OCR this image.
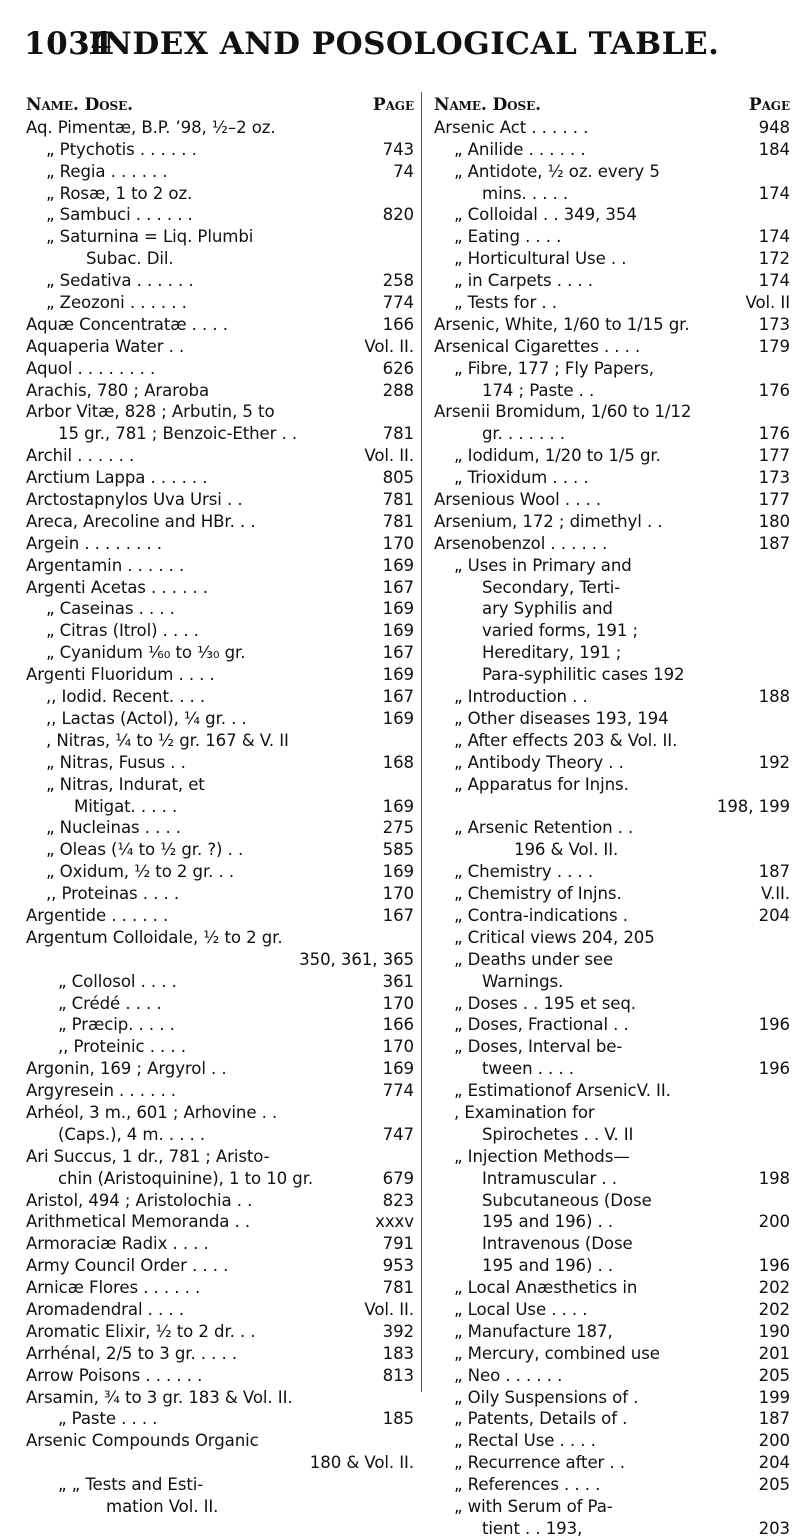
1034
INDEX AND POSOLOGICAL TABLE.
Name. Dose.	Page
Aq. Pimentæ, B.P. ’98, ½–2 oz.
„ Ptychotis . . . . . .	743
„ Regia . . . . . .	74
„ Rosæ, 1 to 2 oz.
„ Sambuci . . . . . .	820
„ Saturnina = Liq. Plumbi
Subac. Dil.
„ Sedativa . . . . . .	258
„ Zeozoni . . . . . .	774
Aquæ Concentratæ . . . .	166
Aquaperia Water . .	Vol. II.
Aquol . . . . . . . .	626
Arachis, 780 ; Araroba	288
Arbor Vitæ, 828 ; Arbutin, 5 to
15 gr., 781 ; Benzoic-Ether . .	781
Archil . . . . . .	Vol. II.
Arctium Lappa . . . . . .	805
Arctostapnylos Uva Ursi . .	781
Areca, Arecoline and HBr. . .	781
Argein . . . . . . . .	170
Argentamin . . . . . .	169
Argenti Acetas . . . . . .	167
„ Caseinas . . . .	169
„ Citras (Itrol) . . . .	169
„ Cyanidum ¹⁄₆₀ to ¹⁄₃₀ gr.	167
Argenti Fluoridum . . . .	169
,, Iodid. Recent. . . .	167
,, Lactas (Actol), ¼ gr. . .	169
, Nitras, ¼ to ½ gr. 167 & V. II
„ Nitras, Fusus . .	168
„ Nitras, Indurat, et
Mitigat. . . . .	169
„ Nucleinas . . . .	275
„ Oleas (¼ to ½ gr. ?) . .	585
„ Oxidum, ½ to 2 gr. . .	169
,, Proteinas . . . .	170
Argentide . . . . . .	167
Argentum Colloidale, ½ to 2 gr.
350, 361, 365
„ Collosol . . . .	361
„ Crédé . . . .	170
„ Præcip. . . . .	166
,, Proteinic . . . .	170
Argonin, 169 ; Argyrol . .	169
Argyresein . . . . . .	774
Arhéol, 3 m., 601 ; Arhovine . .
(Caps.), 4 m. . . . .	747
Ari Succus, 1 dr., 781 ; Aristo-
chin (Aristoquinine), 1 to 10 gr.	679
Aristol, 494 ; Aristolochia . .	823
Arithmetical Memoranda . .	xxxv
Armoraciæ Radix . . . .	791
Army Council Order . . . .	953
Arnicæ Flores . . . . . .	781
Aromadendral . . . .	Vol. II.
Aromatic Elixir, ½ to 2 dr. . .	392
Arrhénal, 2/5 to 3 gr. . . . .	183
Arrow Poisons . . . . . .	813
Arsamin, ¾ to 3 gr. 183 & Vol. II.
„ Paste . . . .	185
Arsenic Compounds Organic
180 & Vol. II.
„ „ Tests and Esti-
mation Vol. II.
Name. Dose.	Page
Arsenic Act . . . . . .	948
„ Anilide . . . . . .	184
„ Antidote, ½ oz. every 5
mins. . . . .	174
„ Colloidal . . 349, 354
„ Eating . . . .	174
„ Horticultural Use . .	172
„ in Carpets . . . .	174
„ Tests for . .	Vol. II
Arsenic, White, 1/60 to 1/15 gr.	173
Arsenical Cigarettes . . . .	179
„ Fibre, 177 ; Fly Papers,
174 ; Paste . .	176
Arsenii Bromidum, 1/60 to 1/12
gr. . . . . . .	176
„ Iodidum, 1/20 to 1/5 gr.	177
„ Trioxidum . . . .	173
Arsenious Wool . . . .	177
Arsenium, 172 ; dimethyl . .	180
Arsenobenzol . . . . . .	187
„ Uses in Primary and
Secondary, Terti-
ary Syphilis and
varied forms, 191 ;
Hereditary, 191 ;
Para-syphilitic cases 192
„ Introduction . .	188
„ Other diseases 193, 194
„ After effects 203 & Vol. II.
„ Antibody Theory . .	192
„ Apparatus for Injns.
198, 199
„ Arsenic Retention . .
196 & Vol. II.
„ Chemistry . . . .	187
„ Chemistry of Injns.	V.II.
„ Contra-indications .	204
„ Critical views 204, 205
„ Deaths under see
Warnings.
„ Doses . . 195 et seq.
„ Doses, Fractional . .	196
„ Doses, Interval be-
tween . . . .	196
„ Estimationof ArsenicV. II.
, Examination for
Spirochetes . . V. II
„ Injection Methods—
Intramuscular . .	198
Subcutaneous (Dose
195 and 196) . .	200
Intravenous (Dose
195 and 196) . .	196
„ Local Anæsthetics in	202
„ Local Use . . . .	202
„ Manufacture 187,	190
„ Mercury, combined use	201
„ Neo . . . . . .	205
„ Oily Suspensions of .	199
„ Patents, Details of .	187
„ Rectal Use . . . .	200
„ Recurrence after . .	204
„ References . . . .	205
„ with Serum of Pa-
tient . . 193,	203
